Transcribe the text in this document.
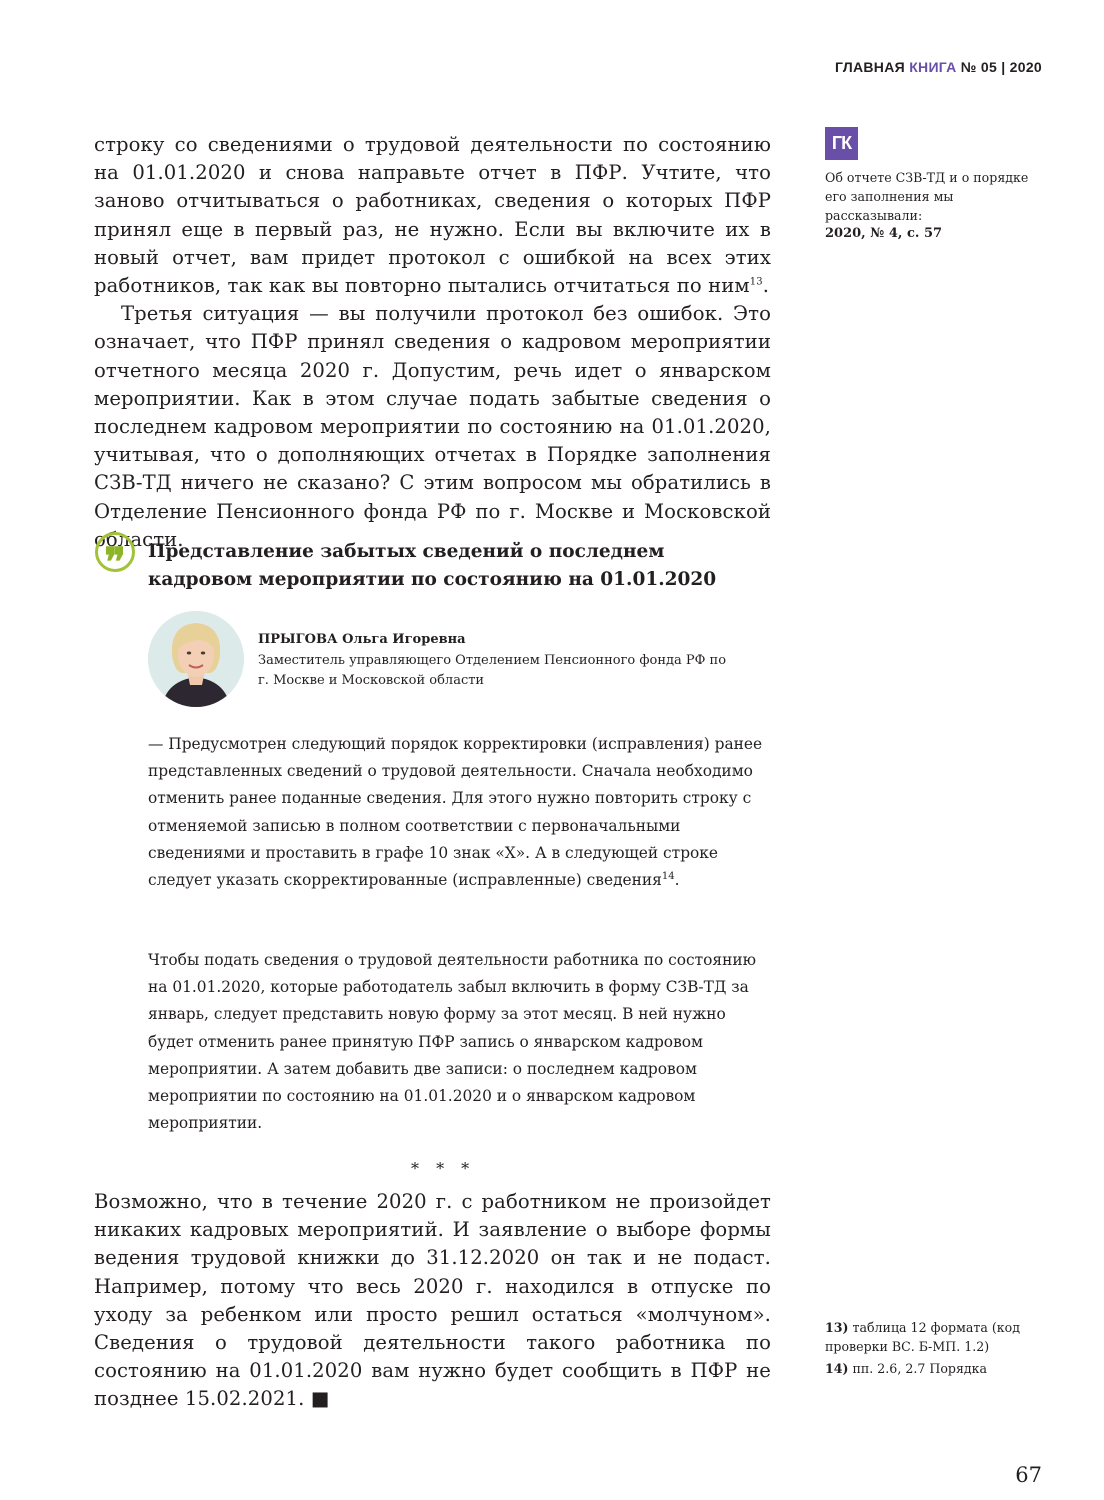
ГЛАВНАЯ КНИГА № 05 | 2020

строку со сведениями о трудовой деятельности по состоянию на 01.01.2020 и снова направьте отчет в ПФР. Учтите, что заново отчитываться о работниках, сведения о которых ПФР принял еще в первый раз, не нужно. Если вы включите их в новый отчет, вам придет протокол с ошибкой на всех этих работников, так как вы повторно пытались отчитаться по ним$^{13}$.

Третья ситуация — вы получили протокол без ошибок. Это означает, что ПФР принял сведения о кадровом мероприятии отчетного месяца 2020 г. Допустим, речь идет о январском мероприятии. Как в этом случае подать забытые сведения о последнем кадровом мероприятии по состоянию на 01.01.2020, учитывая, что о дополняющих отчетах в Порядке заполнения СЗВ-ТД ничего не сказано? С этим вопросом мы обратились в Отделение Пенсионного фонда РФ по г. Москве и Московской области.

ГК
Об отчете СЗВ-ТД и о порядке его заполнения мы рассказывали:
2020, № 4, с. 57
❞	Представление забытых сведений о последнем кадровом мероприятии по состоянию на 01.01.2020
ПРЫГОВА Ольга Игоревна
Заместитель управляющего Отделением Пенсионного фонда РФ по г. Москве и Московской области

— Предусмотрен следующий порядок корректировки (исправления) ранее представленных сведений о трудовой деятельности. Сначала необходимо отменить ранее поданные сведения. Для этого нужно повторить строку с отменяемой записью в полном соответствии с первоначальными сведениями и проставить в графе 10 знак «Х». А в следующей строке следует указать скорректированные (исправленные) сведения$^{14}$.

Чтобы подать сведения о трудовой деятельности работника по состоянию на 01.01.2020, которые работодатель забыл включить в форму СЗВ-ТД за январь, следует представить новую форму за этот месяц. В ней нужно будет отменить ранее принятую ПФР запись о январском кадровом мероприятии. А затем добавить две записи: о последнем кадровом мероприятии по состоянию на 01.01.2020 и о январском кадровом мероприятии.

* * *

Возможно, что в течение 2020 г. с работником не произойдет никаких кадровых мероприятий. И заявление о выборе формы ведения трудовой книжки до 31.12.2020 он так и не подаст. Например, потому что весь 2020 г. находился в отпуске по уходу за ребенком или просто решил остаться «молчуном». Сведения о трудовой деятельности такого работника по состоянию на 01.01.2020 вам нужно будет сообщить в ПФР не позднее 15.02.2021. ■

13) таблица 12 формата (код проверки ВС. Б-МП. 1.2)
14) пп. 2.6, 2.7 Порядка
67
